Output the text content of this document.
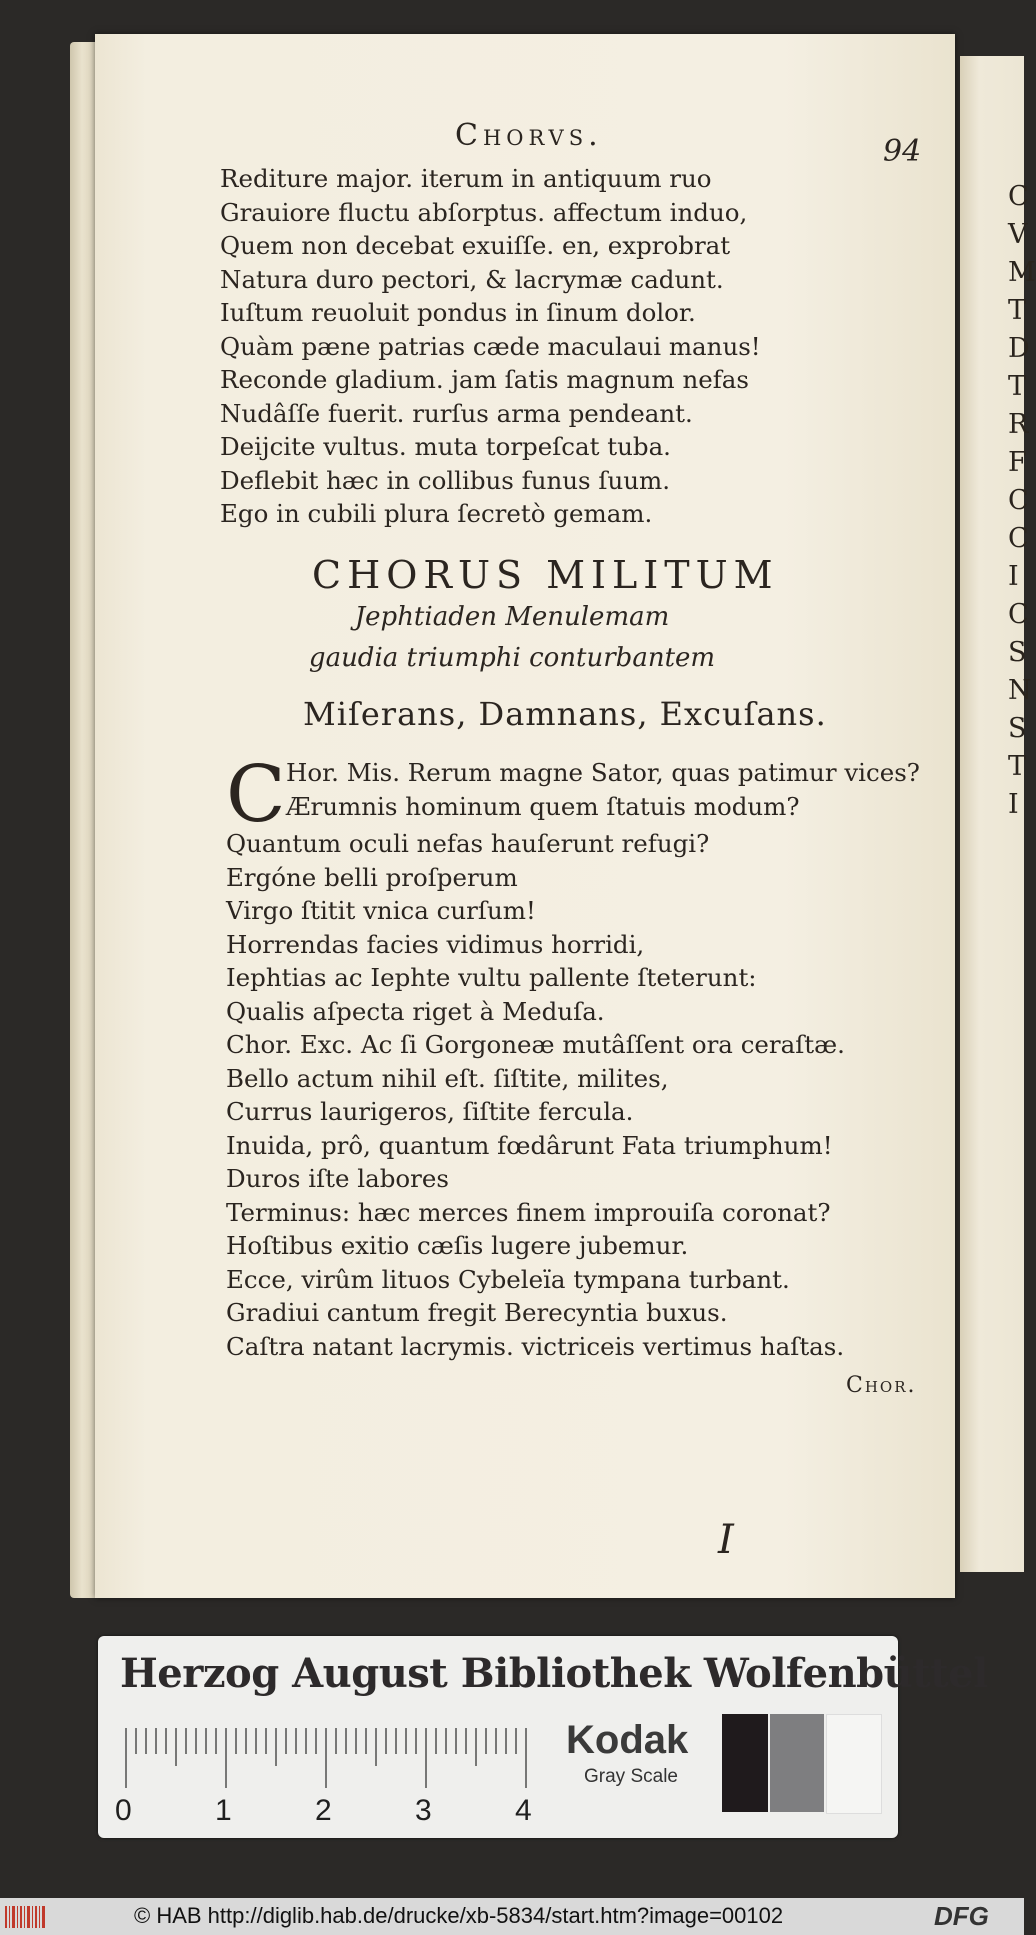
C
V
M
T
D
T
R
F
C
C
I
C
S
N
S
T
I
Chorvs.	94
Rediture major. iterum in antiquum ruo
Grauiore fluctu abſorptus. affectum induo,
Quem non decebat exuiſſe. en, exprobrat
Natura duro pectori, & lacrymæ cadunt.
Iuſtum reuoluit pondus in ſinum dolor.
Quàm pæne patrias cæde maculaui manus!
Reconde gladium. jam ſatis magnum nefas
Nudâſſe fuerit. rurſus arma pendeant.
Deijcite vultus. muta torpeſcat tuba.
Deflebit hæc in collibus funus ſuum.
Ego in cubili plura ſecretò gemam.
CHORUS MILITUM
Jephtiaden Menulemam
gaudia triumphi conturbantem
Miſerans, Damnans, Excuſans.
C Hor. Mis. Rerum magne Sator, quas patimur vices?
Ærumnis hominum quem ſtatuis modum?
Quantum oculi nefas hauſerunt refugi?
Ergóne belli proſperum
Virgo ſtitit vnica curſum!
Horrendas facies vidimus horridi,
Iephtias ac Iephte vultu pallente ſteterunt:
Qualis aſpecta riget à Meduſa.
Chor. Exc. Ac ſi Gorgoneæ mutâſſent ora ceraſtæ.
Bello actum nihil eſt. ſiſtite, milites,
Currus laurigeros, ſiſtite fercula.
Inuida, prô, quantum fœdârunt Fata triumphum!
Duros iſte labores
Terminus: hæc merces finem improuiſa coronat?
Hoſtibus exitio cæſis lugere jubemur.
Ecce, virûm lituos Cybeleïa tympana turbant.
Gradiui cantum fregit Berecyntia buxus.
Caſtra natant lacrymis. victriceis vertimus haſtas.
Chor.
I
Herzog August Bibliothek Wolfenbüttel
0	1	2	3	4
Kodak
Gray Scale
© HAB http://diglib.hab.de/drucke/xb-5834/start.htm?image=00102	DFG
